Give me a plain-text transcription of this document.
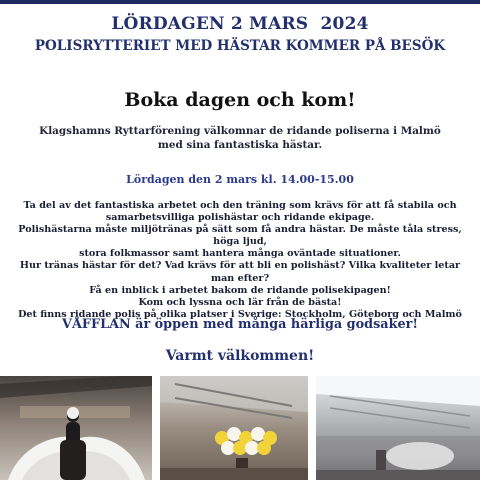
LÖRDAGEN 2 MARS  2024
POLISRYTTERIET MED HÄSTAR KOMMER PÅ BESÖK
Boka dagen och kom!
Klagshamns Ryttarförening välkomnar de ridande poliserna i Malmö med sina fantastiska hästar.
Lördagen den 2 mars kl. 14.00-15.00
Ta del av det fantastiska arbetet och den träning som krävs för att få stabila och
samarbetsvilliga polishästar och ridande ekipage.
Polishästarna måste miljötränas på sätt som få andra hästar. De måste tåla stress, höga ljud,
stora folkmassor samt hantera många oväntade situationer.
Hur tränas hästar för det? Vad krävs för att bli en polishäst? Vilka kvaliteter letar man efter?
Få en inblick i arbetet bakom de ridande polisekipagen!
Kom och lyssna och lär från de bästa!
Det finns ridande polis på olika platser i Sverige: Stockholm, Göteborg och Malmö
VÅFFLAN är öppen med många härliga godsaker!
Varmt välkommen!
